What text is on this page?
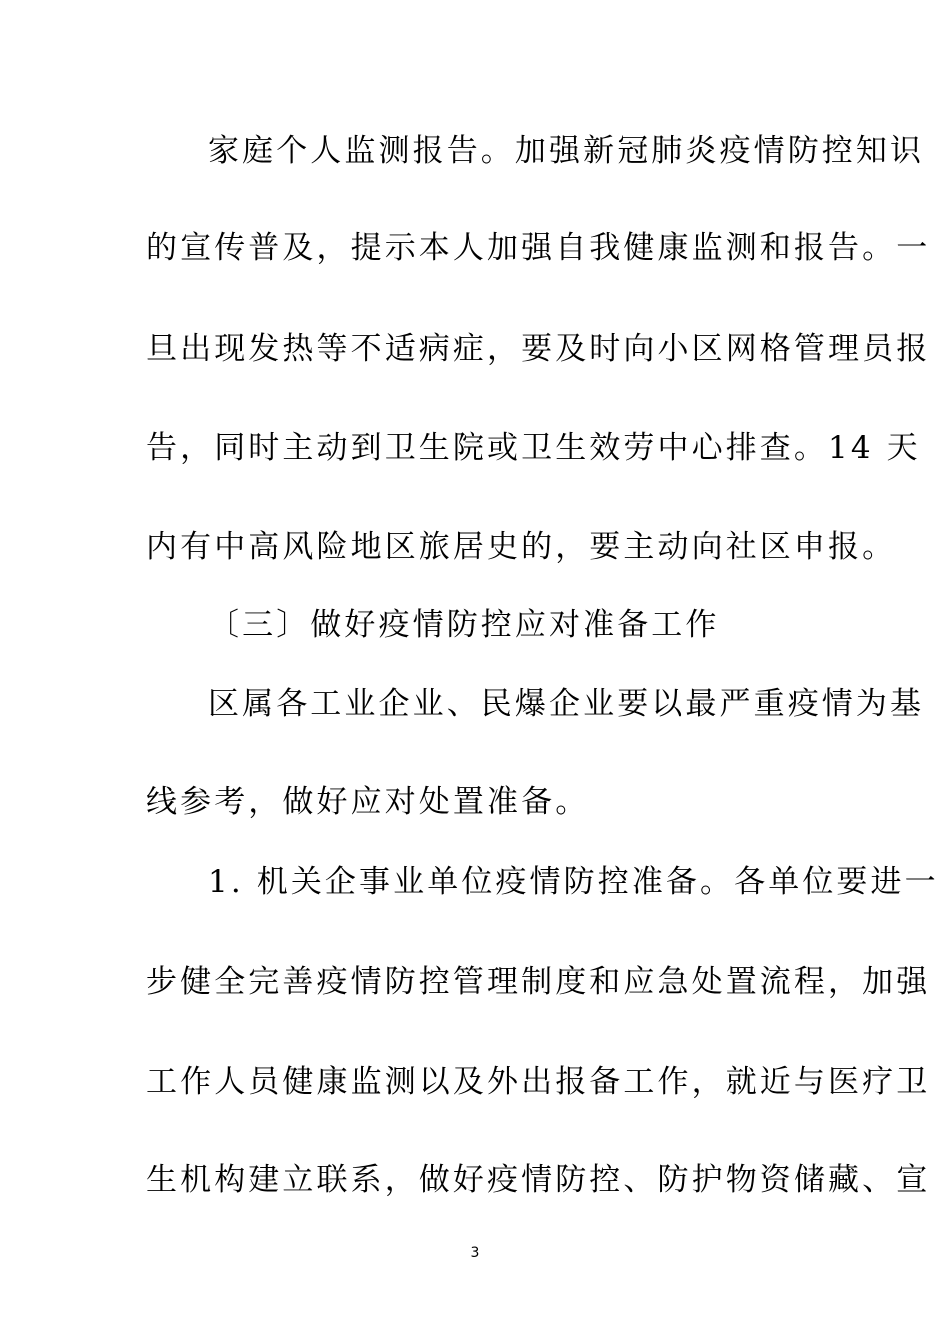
家庭个人监测报告。加强新冠肺炎疫情防控知识
的宣传普及，提示本人加强自我健康监测和报告。一
旦出现发热等不适病症，要及时向小区网格管理员报
告，同时主动到卫生院或卫生效劳中心排查。14 天
内有中高风险地区旅居史的，要主动向社区申报。
〔三〕做好疫情防控应对准备工作
区属各工业企业、民爆企业要以最严重疫情为基
线参考，做好应对处置准备。
1. 机关企事业单位疫情防控准备。各单位要进一
步健全完善疫情防控管理制度和应急处置流程，加强
工作人员健康监测以及外出报备工作，就近与医疗卫
生机构建立联系，做好疫情防控、防护物资储藏、宣
3
